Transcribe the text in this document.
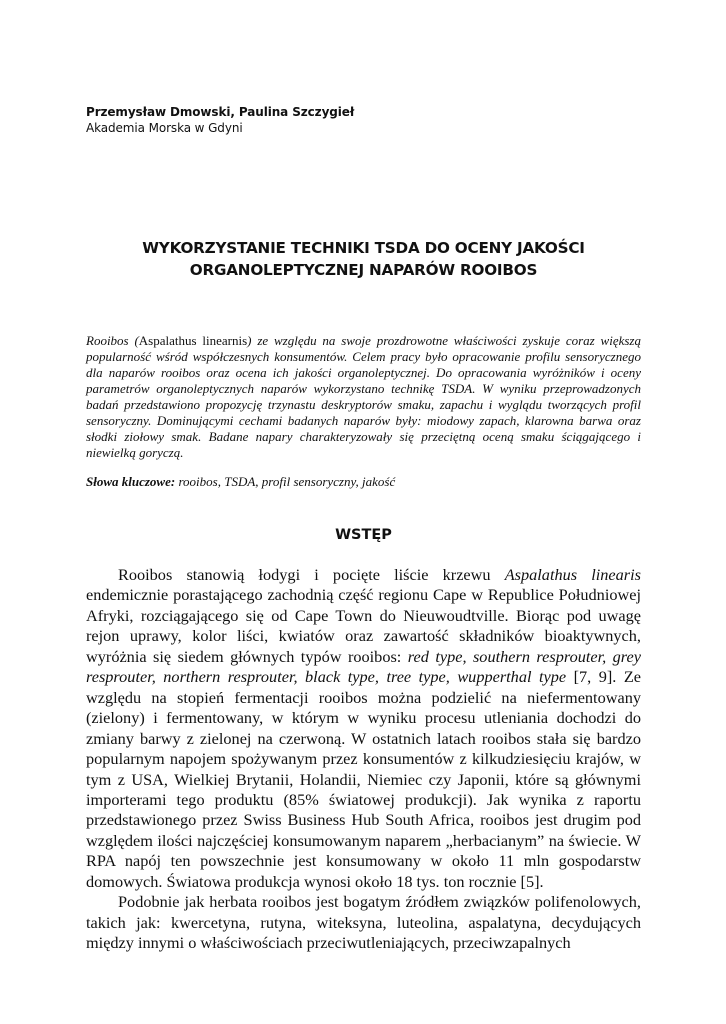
Przemysław Dmowski, Paulina Szczygieł
Akademia Morska w Gdyni
WYKORZYSTANIE TECHNIKI TSDA DO OCENY JAKOŚCI
ORGANOLEPTYCZNEJ NAPARÓW ROOIBOS

Rooibos (Aspalathus linearnis) ze względu na swoje prozdrowotne właściwości zyskuje coraz większą popularność wśród współczesnych konsumentów. Celem pracy było opracowanie profilu sensorycznego dla naparów rooibos oraz ocena ich jakości organoleptycznej. Do opracowania wyróżników i oceny parametrów organoleptycznych naparów wykorzystano technikę TSDA. W wyniku przeprowadzonych badań przedstawiono propozycję trzynastu deskryptorów smaku, zapachu i wyglądu tworzących profil sensoryczny. Dominującymi cechami badanych naparów były: miodowy zapach, klarowna barwa oraz słodki ziołowy smak. Badane napary charakteryzowały się przeciętną oceną smaku ściągającego i niewielką goryczą.

Słowa kluczowe: rooibos, TSDA, profil sensoryczny, jakość
WSTĘP

Rooibos stanowią łodygi i pocięte liście krzewu Aspalathus linearis endemicznie porastającego zachodnią część regionu Cape w Republice Południowej Afryki, rozciągającego się od Cape Town do Nieuwoudtville. Biorąc pod uwagę rejon uprawy, kolor liści, kwiatów oraz zawartość składników bioaktywnych, wyróżnia się siedem głównych typów rooibos: red type, southern resprouter, grey resprouter, northern resprouter, black type, tree type, wupperthal type [7, 9]. Ze względu na stopień fermentacji rooibos można podzielić na niefermentowany (zielony) i fermentowany, w którym w wyniku procesu utleniania dochodzi do zmiany barwy z zielonej na czerwoną. W ostatnich latach rooibos stała się bardzo popularnym napojem spożywanym przez konsumentów z kilkudziesięciu krajów, w tym z USA, Wielkiej Brytanii, Holandii, Niemiec czy Japonii, które są głównymi importerami tego produktu (85% światowej produkcji). Jak wynika z raportu przedstawionego przez Swiss Business Hub South Africa, rooibos jest drugim pod względem ilości najczęściej konsumowanym naparem „herbacianym” na świecie. W RPA napój ten powszechnie jest konsumowany w około 11 mln gospodarstw domowych. Światowa produkcja wynosi około 18 tys. ton rocznie [5].

Podobnie jak herbata rooibos jest bogatym źródłem związków polifenolowych, takich jak: kwercetyna, rutyna, witeksyna, luteolina, aspalatyna, decydujących między innymi o właściwościach przeciwutleniających, przeciwzapalnych
